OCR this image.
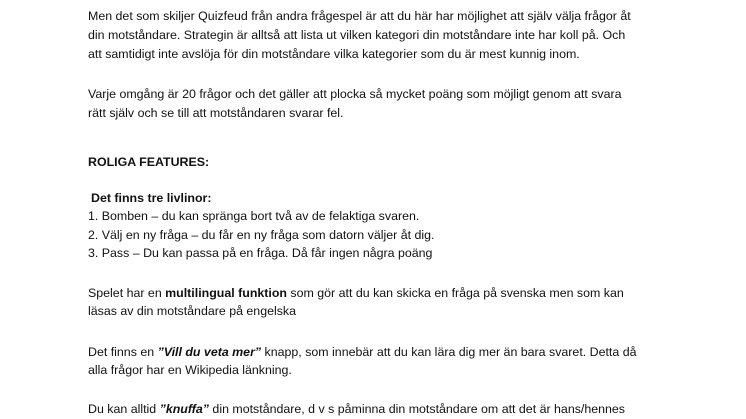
Men det som skiljer Quizfeud från andra frågespel är att du här har möjlighet att själv välja frågor åt
din motståndare. Strategin är alltså att lista ut vilken kategori din motståndare inte har koll på. Och
att samtidigt inte avslöja för din motståndare vilka kategorier som du är mest kunnig inom.
Varje omgång är 20 frågor och det gäller att plocka så mycket poäng som möjligt genom att svara
rätt själv och se till att motståndaren svarar fel.
ROLIGA FEATURES:
Det finns tre livlinor:
1. Bomben – du kan spränga bort två av de felaktiga svaren.
2. Välj en ny fråga – du får en ny fråga som datorn väljer åt dig.
3. Pass – Du kan passa på en fråga. Då får ingen några poäng
Spelet har en multilingual funktion som gör att du kan skicka en fråga på svenska men som kan
läsas av din motståndare på engelska
Det finns en ”Vill du veta mer” knapp, som innebär att du kan lära dig mer än bara svaret. Detta då
alla frågor har en Wikipedia länkning.
Du kan alltid ”knuffa” din motståndare, d v s påminna din motståndare om att det är hans/hennes
